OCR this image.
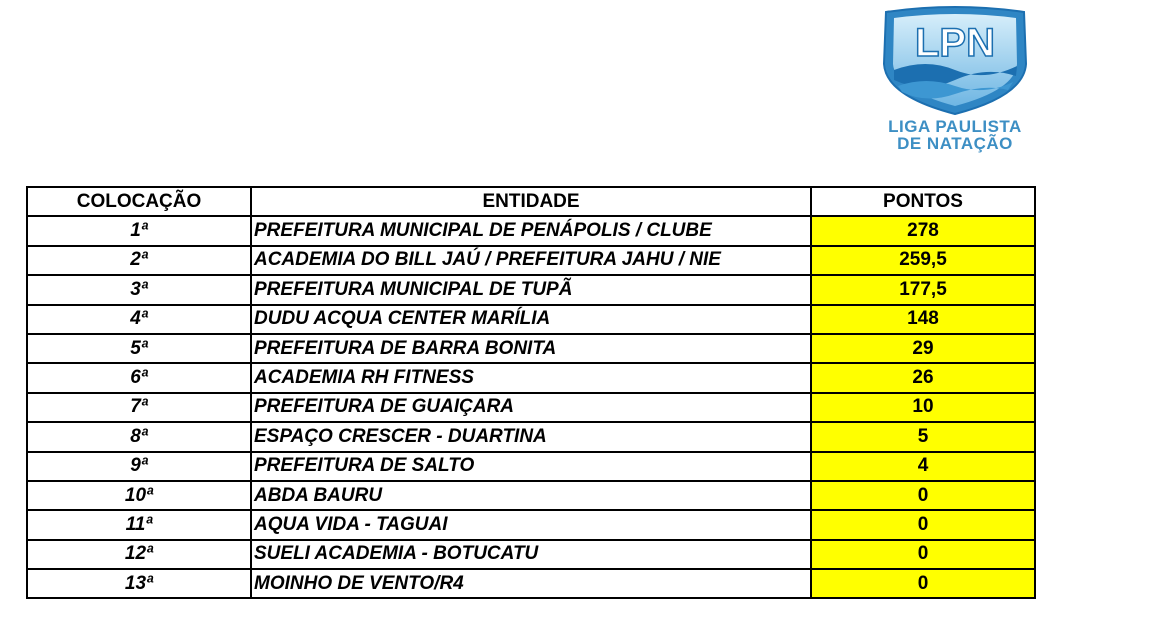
LPN
LIGA PAULISTA
DE NATAÇÃO
COLOCAÇÃO	ENTIDADE	PONTOS
1ª	PREFEITURA MUNICIPAL DE PENÁPOLIS / CLUBE	278
2ª	ACADEMIA DO BILL JAÚ / PREFEITURA JAHU / NIE	259,5
3ª	PREFEITURA MUNICIPAL DE TUPÃ	177,5
4ª	DUDU ACQUA CENTER MARÍLIA	148
5ª	PREFEITURA DE BARRA BONITA	29
6ª	ACADEMIA RH FITNESS	26
7ª	PREFEITURA DE GUAIÇARA	10
8ª	ESPAÇO CRESCER - DUARTINA	5
9ª	PREFEITURA DE SALTO	4
10ª	ABDA BAURU	0
11ª	AQUA VIDA - TAGUAI	0
12ª	SUELI ACADEMIA - BOTUCATU	0
13ª	MOINHO DE VENTO/R4	0
